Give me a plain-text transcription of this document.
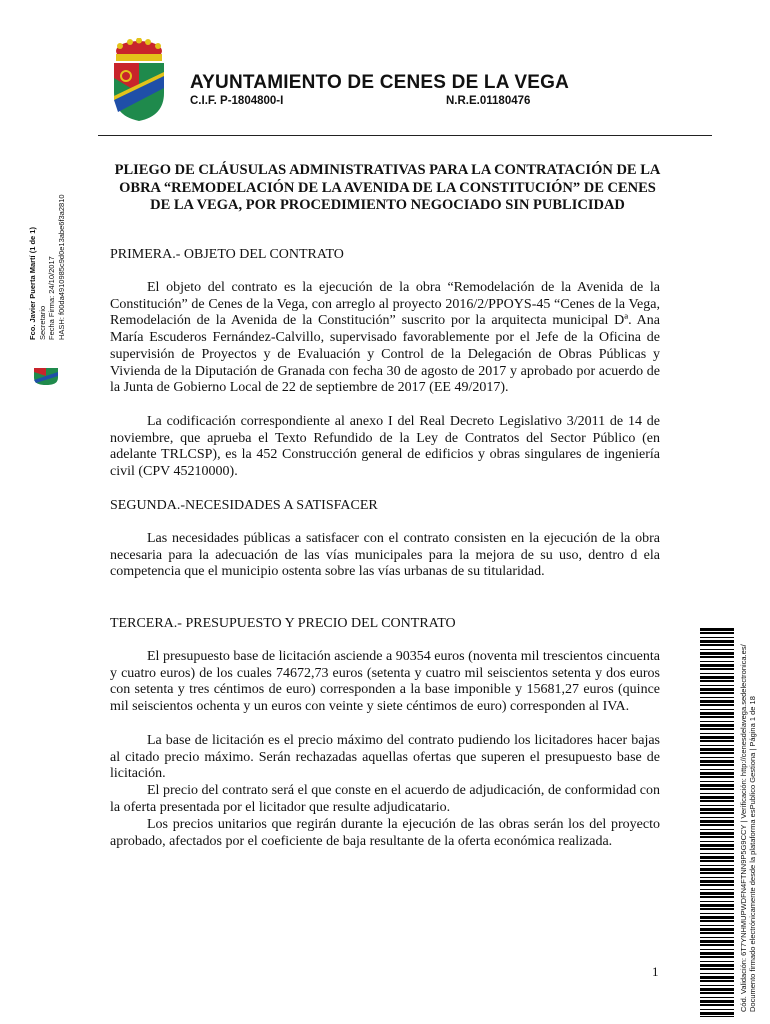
AYUNTAMIENTO DE CENES DE LA VEGA
C.I.F. P-1804800-I	N.R.E.01180476
Fco. Javier Puerta Martí (1 de 1) Secretario Fecha Firma: 24/10/2017 HASH: f00da4910985c9d0e13abe6f3a2810
Cód. Validación: 6T7YNHMUPWDFN4FTNN9P5G9CCY | Verificación: http://cenesdelavega.sedelectronica.es/ Documento firmado electrónicamente desde la plataforma esPublico Gestiona | Página 1 de 18
PLIEGO DE CLÁUSULAS ADMINISTRATIVAS PARA LA CONTRATACIÓN DE LA OBRA “REMODELACIÓN DE LA AVENIDA DE LA CONSTITUCIÓN” DE CENES DE LA VEGA, POR PROCEDIMIENTO NEGOCIADO SIN PUBLICIDAD
PRIMERA.- OBJETO DEL CONTRATO

El objeto del contrato es la ejecución de la obra “Remodelación de la Avenida de la Constitución” de Cenes de la Vega, con arreglo al proyecto 2016/2/PPOYS-45 “Cenes de la Vega, Remodelación de la Avenida de la Constitución” suscrito por la arquitecta municipal Dª. Ana María Escuderos Fernández-Calvillo, supervisado favorablemente por el Jefe de la Oficina de supervisión de Proyectos y de Evaluación y Control de la Delegación de Obras Públicas y Vivienda de la Diputación de Granada con fecha 30 de agosto de 2017 y aprobado por acuerdo de la Junta de Gobierno Local de 22 de septiembre de 2017 (EE 49/2017).

La codificación correspondiente al anexo I del Real Decreto Legislativo 3/2011 de 14 de noviembre, que aprueba el Texto Refundido de la Ley de Contratos del Sector Público (en adelante TRLCSP), es la 452 Construcción general de edificios y obras singulares de ingeniería civil (CPV 45210000).

SEGUNDA.-NECESIDADES A SATISFACER

Las necesidades públicas a satisfacer con el contrato consisten en la ejecución de la obra necesaria para la adecuación de las vías municipales para la mejora de su uso, dentro d ela competencia que el municipio ostenta sobre las vías urbanas de su titularidad.

TERCERA.- PRESUPUESTO Y PRECIO DEL CONTRATO

El presupuesto base de licitación asciende a 90354 euros (noventa mil trescientos cincuenta y cuatro euros) de los cuales 74672,73 euros (setenta y cuatro mil seiscientos setenta y dos euros con setenta y tres céntimos de euro) corresponden a la base imponible y 15681,27 euros (quince mil seiscientos ochenta y un euros con veinte y siete céntimos de euro) corresponden al IVA.

La base de licitación es el precio máximo del contrato pudiendo los licitadores hacer bajas al citado precio máximo. Serán rechazadas aquellas ofertas que superen el presupuesto base de licitación.

El precio del contrato será el que conste en el acuerdo de adjudicación, de conformidad con la oferta presentada por el licitador que resulte adjudicatario.

Los precios unitarios que regirán durante la ejecución de las obras serán los del proyecto aprobado, afectados por el coeficiente de baja resultante de la oferta económica realizada.

1
